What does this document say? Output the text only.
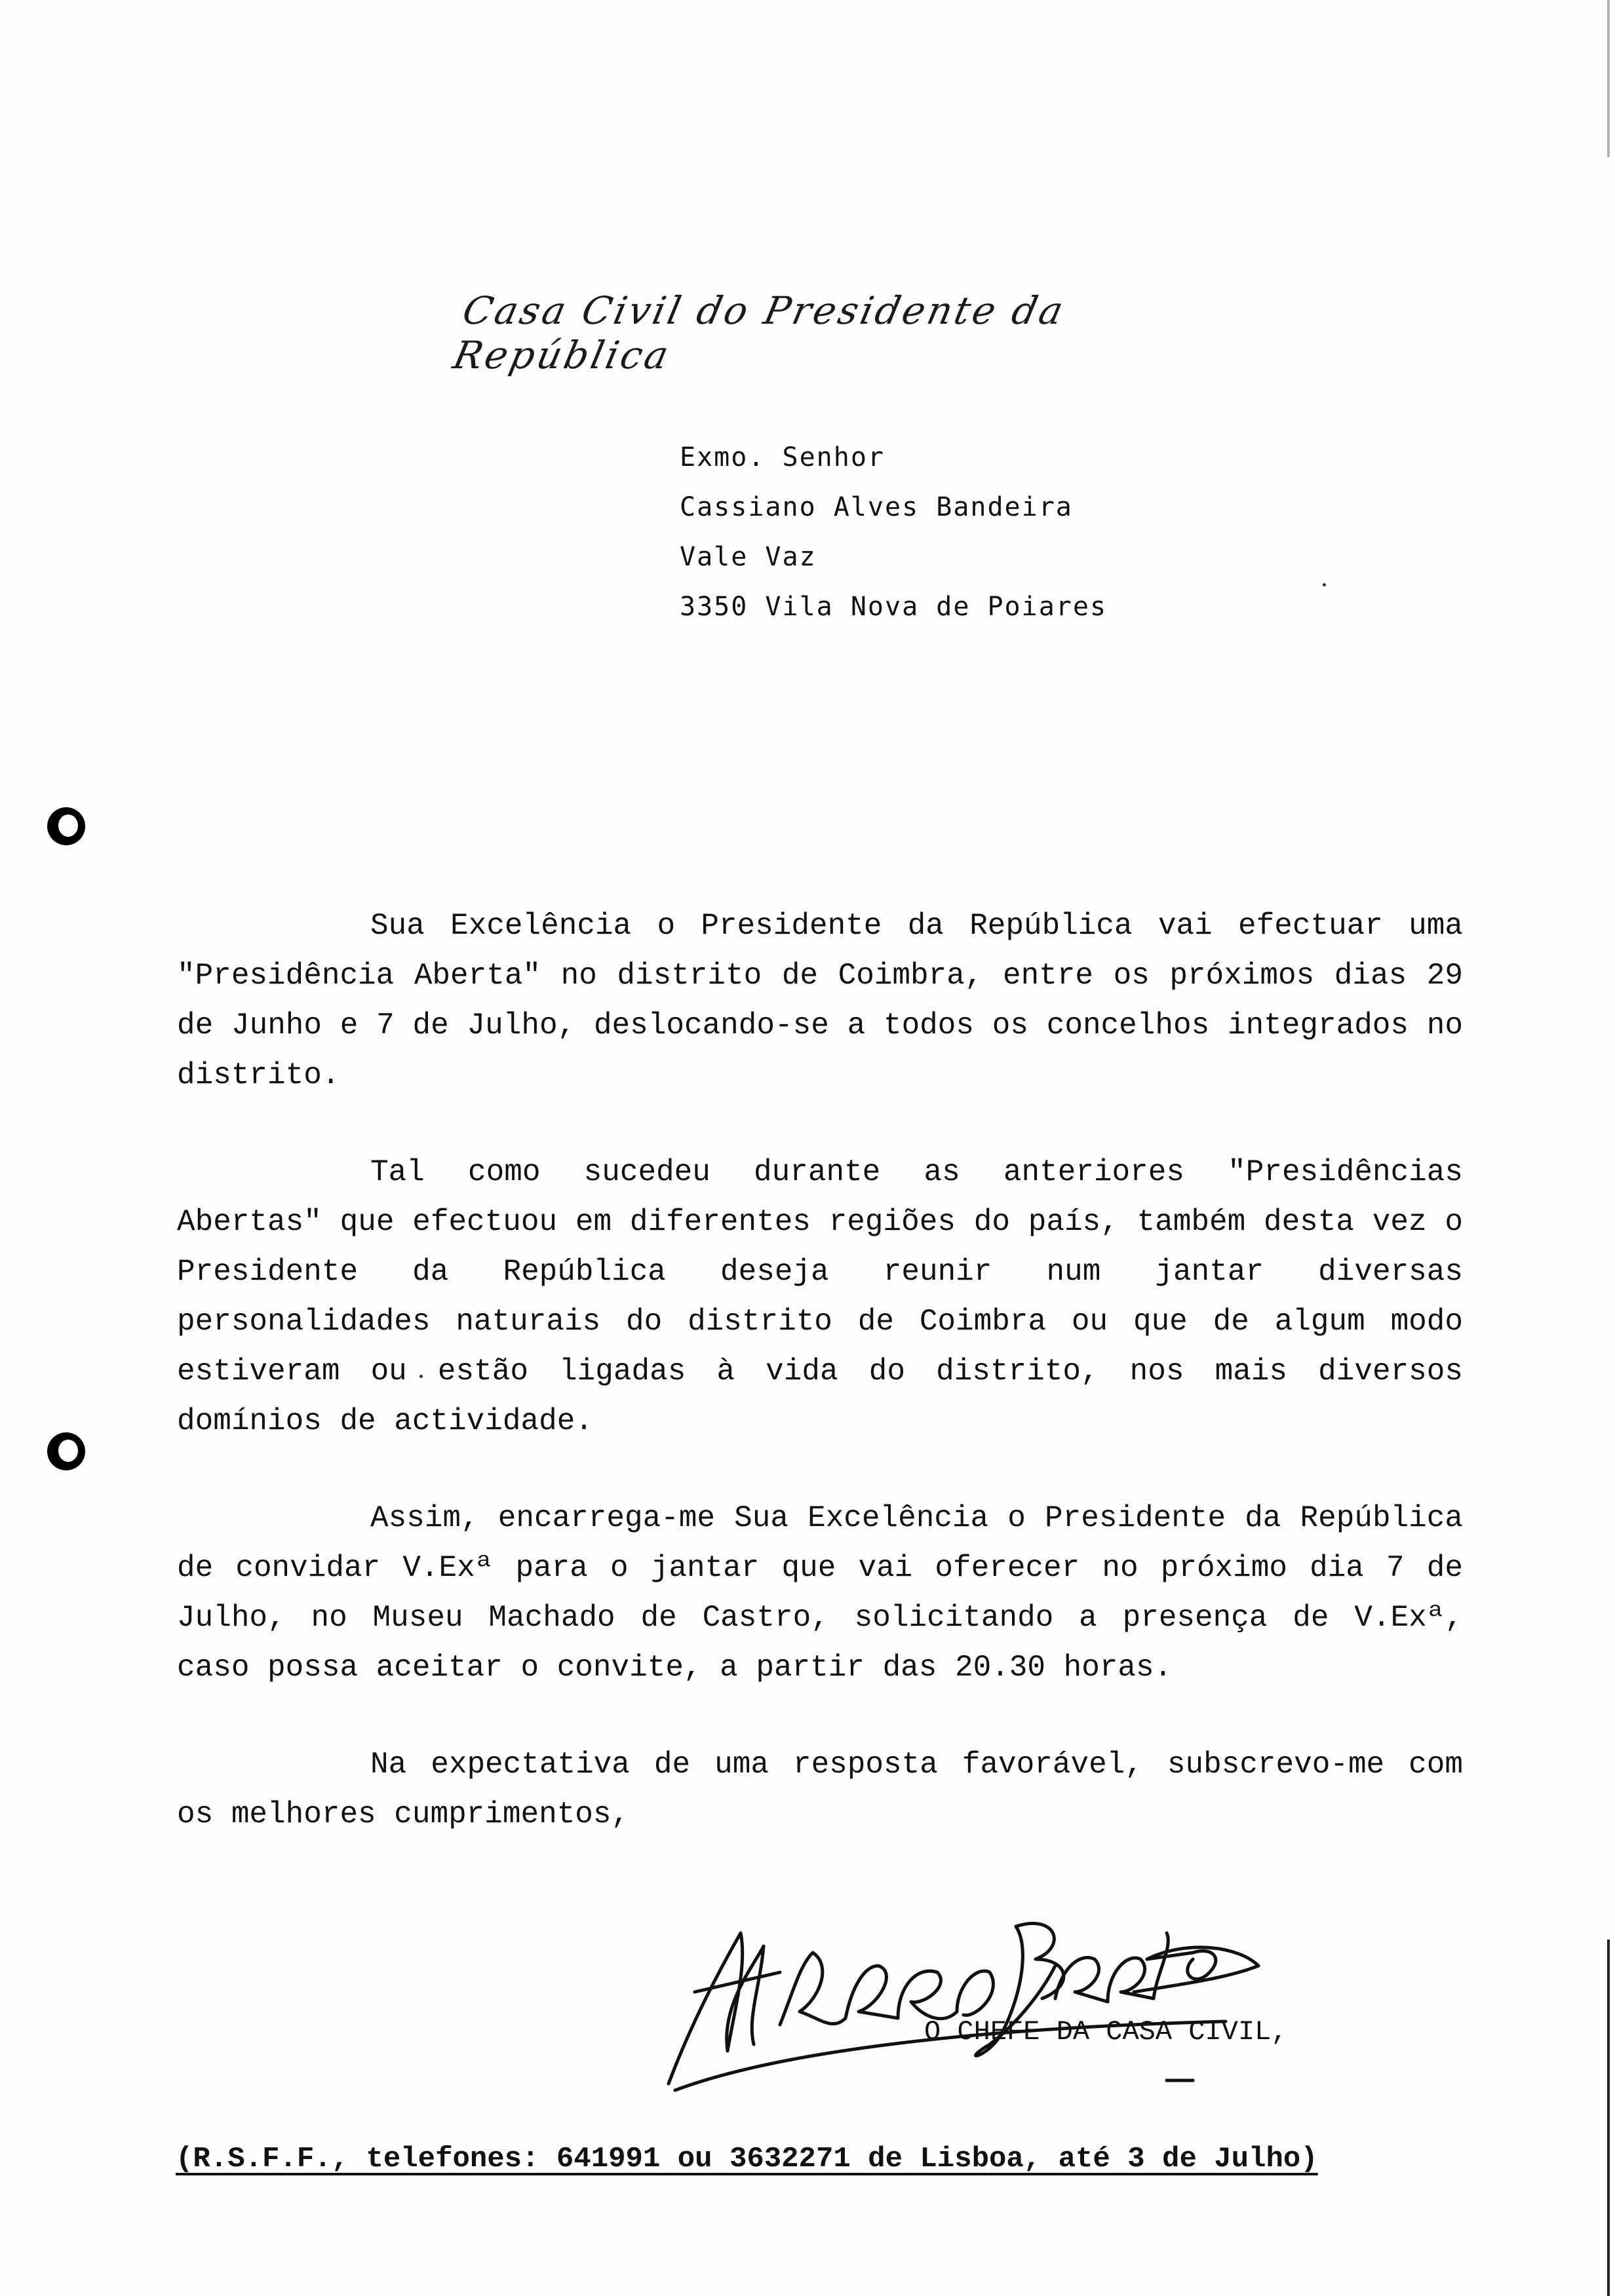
Casa Civil do Presidente da República
Exmo. Senhor
Cassiano Alves Bandeira
Vale Vaz
3350 Vila Nova de Poiares
Sua Excelência o Presidente da República vai efectuar uma "Presidência Aberta" no distrito de Coimbra, entre os próximos dias 29 de Junho e 7 de Julho, deslocando-se a todos os concelhos integrados no distrito.
Tal como sucedeu durante as anteriores "Presidências Abertas" que efectuou em diferentes regiões do país, também desta vez o Presidente da República deseja reunir num jantar diversas personalidades naturais do distrito de Coimbra ou que de algum modo estiveram ou estão ligadas à vida do distrito, nos mais diversos domínios de actividade.
Assim, encarrega-me Sua Excelência o Presidente da República de convidar V.Exª para o jantar que vai oferecer no próximo dia 7 de Julho, no Museu Machado de Castro, solicitando a presença de V.Exª, caso possa aceitar o convite, a partir das 20.30 horas.
Na expectativa de uma resposta favorável, subscrevo-me com os melhores cumprimentos,
O CHEFE DA CASA CIVIL,
(R.S.F.F., telefones: 641991 ou 3632271 de Lisboa, até 3 de Julho)
